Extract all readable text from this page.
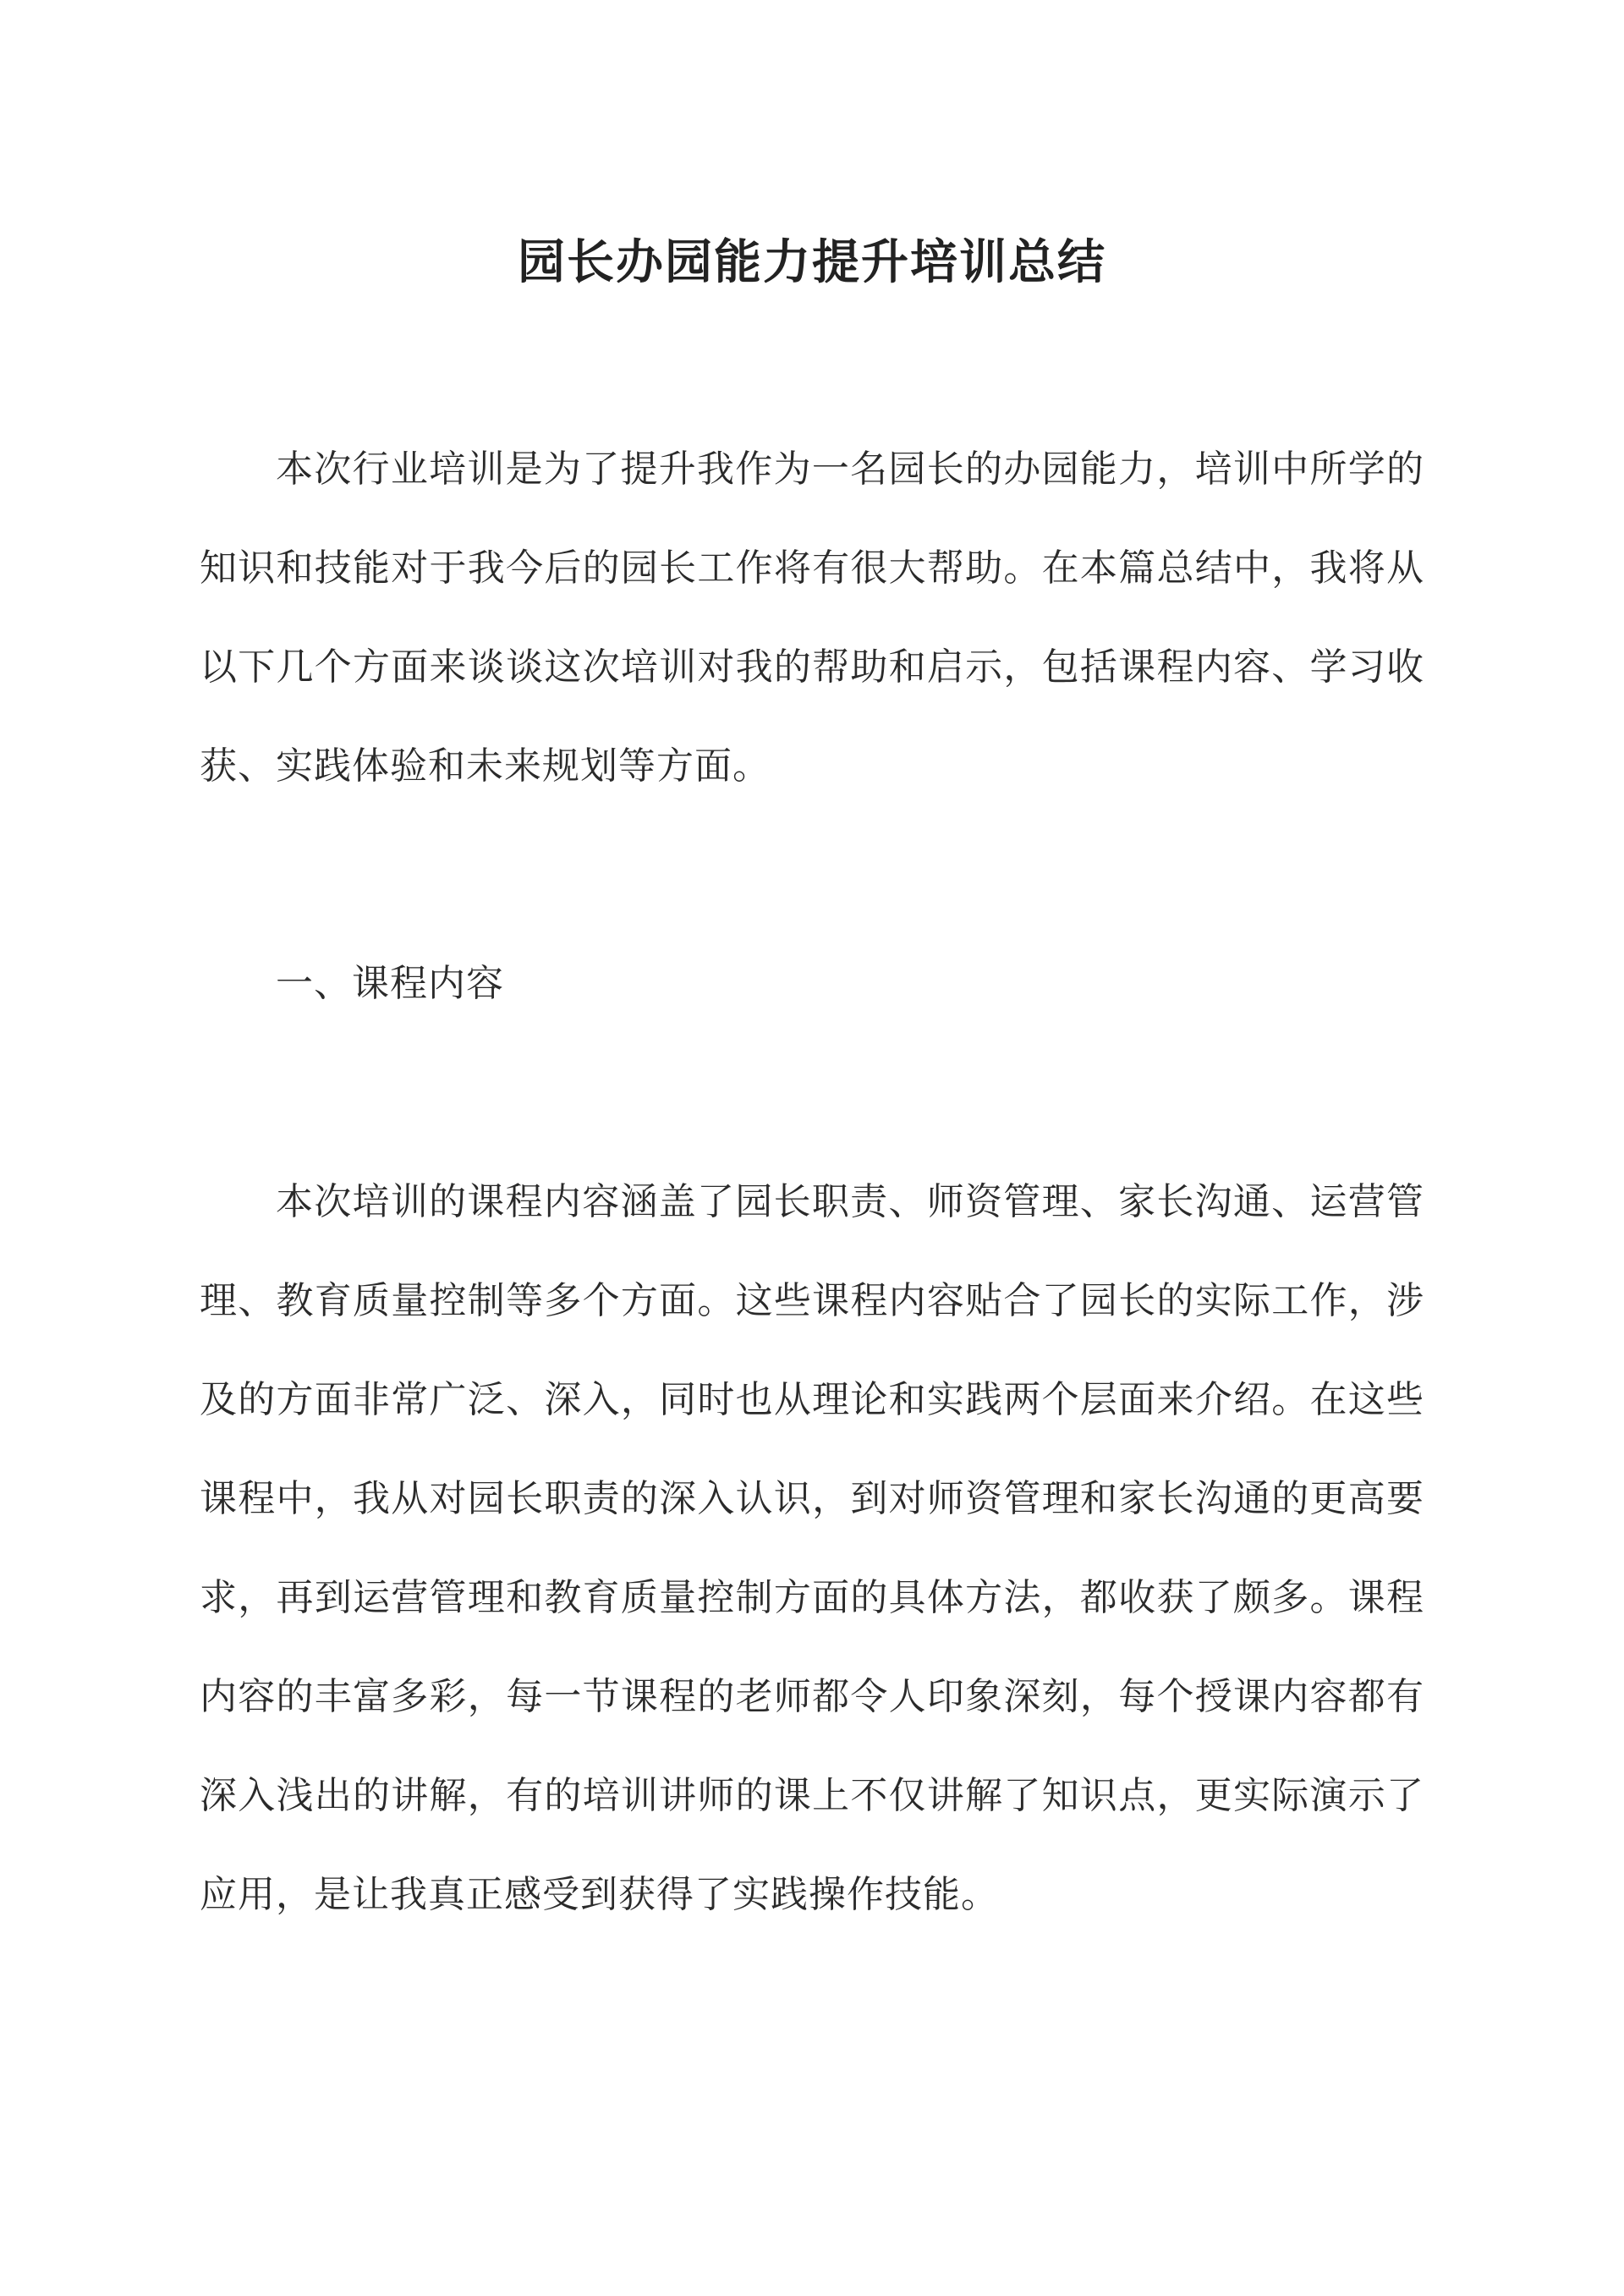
园长办园能力提升培训总结

本次行业培训是为了提升我作为一名园长的办园能力，培训中所学的知识和技能对于我今后的园长工作将有很大帮助。在本篇总结中，我将从以下几个方面来谈谈这次培训对我的帮助和启示，包括课程内容、学习收获、实践体验和未来规划等方面。

一、课程内容

本次培训的课程内容涵盖了园长职责、师资管理、家长沟通、运营管理、教育质量控制等多个方面。这些课程内容贴合了园长的实际工作，涉及的方面非常广泛、深入，同时也从理论和实践两个层面来介绍。在这些课程中，我从对园长职责的深入认识，到对师资管理和家长沟通的更高要求，再到运营管理和教育质量控制方面的具体方法，都收获了颇多。课程内容的丰富多彩，每一节课程的老师都令人印象深刻，每个授课内容都有深入浅出的讲解，有的培训讲师的课上不仅讲解了知识点，更实际演示了应用，是让我真正感受到获得了实践操作技能。
